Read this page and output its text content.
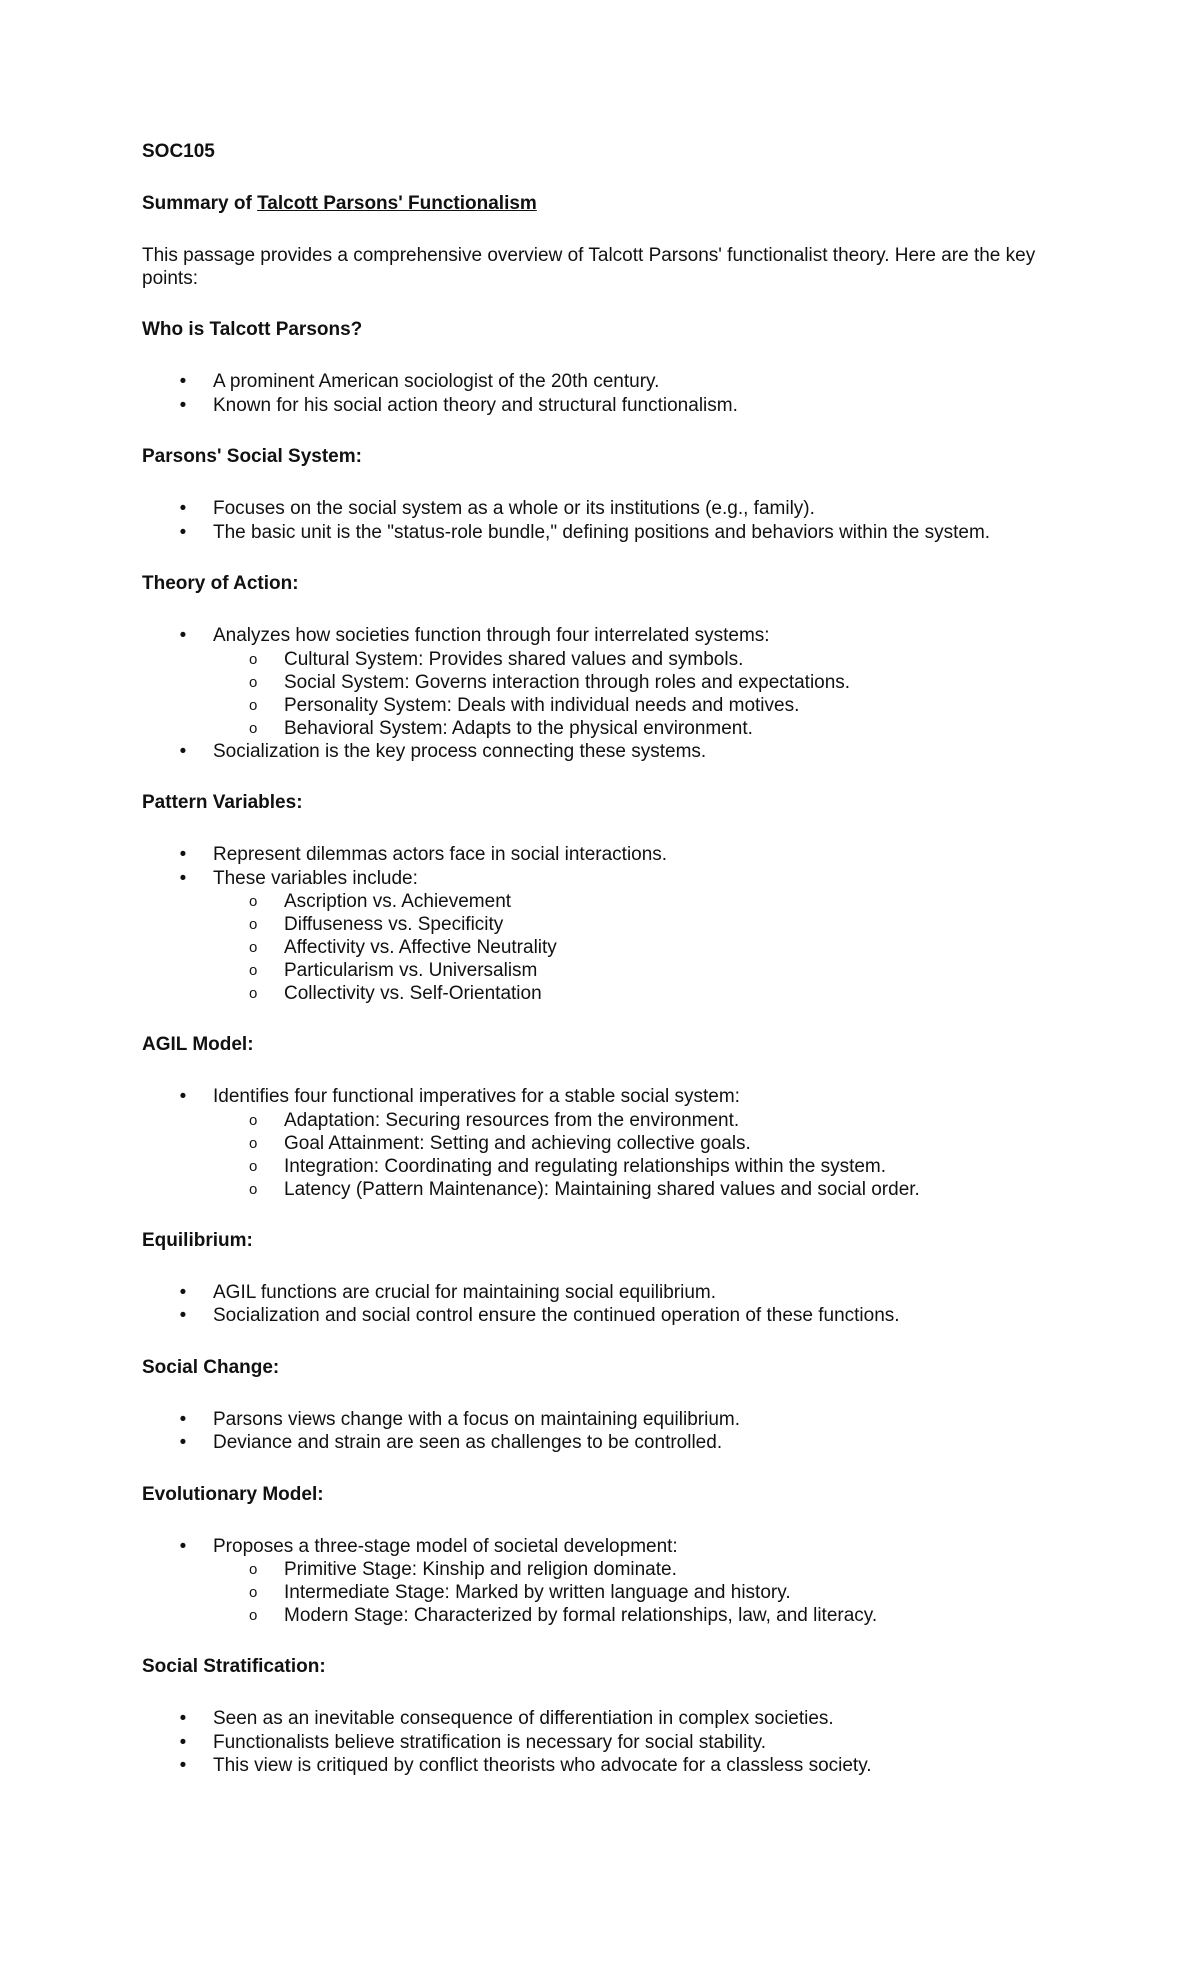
SOC105
Summary of Talcott Parsons' Functionalism
This passage provides a comprehensive overview of Talcott Parsons' functionalist theory. Here are the key points:
Who is Talcott Parsons?
• A prominent American sociologist of the 20th century.
• Known for his social action theory and structural functionalism.
Parsons' Social System:
• Focuses on the social system as a whole or its institutions (e.g., family).
• The basic unit is the "status-role bundle," defining positions and behaviors within the system.
Theory of Action:
• Analyzes how societies function through four interrelated systems:
o Cultural System: Provides shared values and symbols.
o Social System: Governs interaction through roles and expectations.
o Personality System: Deals with individual needs and motives.
o Behavioral System: Adapts to the physical environment.
• Socialization is the key process connecting these systems.
Pattern Variables:
• Represent dilemmas actors face in social interactions.
• These variables include:
o Ascription vs. Achievement
o Diffuseness vs. Specificity
o Affectivity vs. Affective Neutrality
o Particularism vs. Universalism
o Collectivity vs. Self-Orientation
AGIL Model:
• Identifies four functional imperatives for a stable social system:
o Adaptation: Securing resources from the environment.
o Goal Attainment: Setting and achieving collective goals.
o Integration: Coordinating and regulating relationships within the system.
o Latency (Pattern Maintenance): Maintaining shared values and social order.
Equilibrium:
• AGIL functions are crucial for maintaining social equilibrium.
• Socialization and social control ensure the continued operation of these functions.
Social Change:
• Parsons views change with a focus on maintaining equilibrium.
• Deviance and strain are seen as challenges to be controlled.
Evolutionary Model:
• Proposes a three-stage model of societal development:
o Primitive Stage: Kinship and religion dominate.
o Intermediate Stage: Marked by written language and history.
o Modern Stage: Characterized by formal relationships, law, and literacy.
Social Stratification:
• Seen as an inevitable consequence of differentiation in complex societies.
• Functionalists believe stratification is necessary for social stability.
• This view is critiqued by conflict theorists who advocate for a classless society.
